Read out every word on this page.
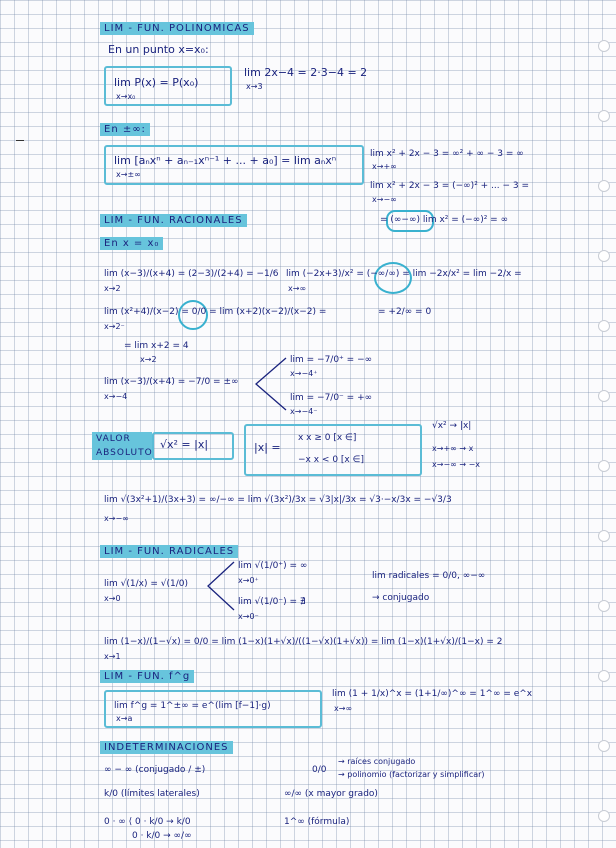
LIM - FUN. POLINOMICAS
En un punto x=x₀:
lim P(x) = P(x₀)
x→x₀
lim 2x−4 = 2·3−4 = 2
x→3
En ±∞:
lim [aₙxⁿ + aₙ₋₁xⁿ⁻¹ + ... + a₀] = lim aₙxⁿ
x→±∞
lim x² + 2x − 3 = ∞² + ∞ − 3 = ∞
x→+∞
lim x² + 2x − 3 = (−∞)² + ... − 3 =
x→−∞
= (∞−∞) lim x² = (−∞)² = ∞
LIM - FUN. RACIONALES
En x = x₀
lim (x−3)/(x+4) = (2−3)/(2+4) = −1/6
x→2
lim (−2x+3)/x² = (−∞/∞) = lim −2x/x² = lim −2/x =
x→∞
lim (x²+4)/(x−2) = 0/0 = lim (x+2)(x−2)/(x−2) =
x→2⁻
= +2/∞ = 0
= lim x+2 = 4
x→2
lim (x−3)/(x+4) = −7/0 = ±∞
x→−4
lim = −7/0⁺ = −∞
x→−4⁺
lim = −7/0⁻ = +∞
x→−4⁻
VALOR ABSOLUTO
√x² = |x|	|x| =
x x ≥ 0 [x ∈]
−x x < 0 [x ∈]
√x² → |x|
x→+∞ → x
x→−∞ → −x
lim √(3x²+1)/(3x+3) = ∞/−∞ = lim √(3x²)/3x = √3|x|/3x = √3·−x/3x = −√3/3
x→−∞
LIM - FUN. RADICALES
lim √(1/x) = √(1/0)
x→0
lim √(1/0⁺) = ∞
x→0⁺
lim √(1/0⁻) = ∄
x→0⁻
lim radicales = 0/0, ∞−∞
→ conjugado
lim (1−x)/(1−√x) = 0/0 = lim (1−x)(1+√x)/((1−√x)(1+√x)) = lim (1−x)(1+√x)/(1−x) = 2
x→1
LIM - FUN. f^g
lim f^g = 1^±∞ = e^(lim [f−1]·g)
x→a
lim (1 + 1/x)^x = (1+1/∞)^∞ = 1^∞ = e^x
x→∞
INDETERMINACIONES
∞ − ∞ (conjugado / ±)	0/0
→ raíces conjugado
→ polinomio (factorizar y simplificar)
k/0 (límites laterales)	∞/∞ (x mayor grado)
0 · ∞ ⟨ 0 · k/0 → k/0
0 · k/0 → ∞/∞
1^∞ (fórmula)
